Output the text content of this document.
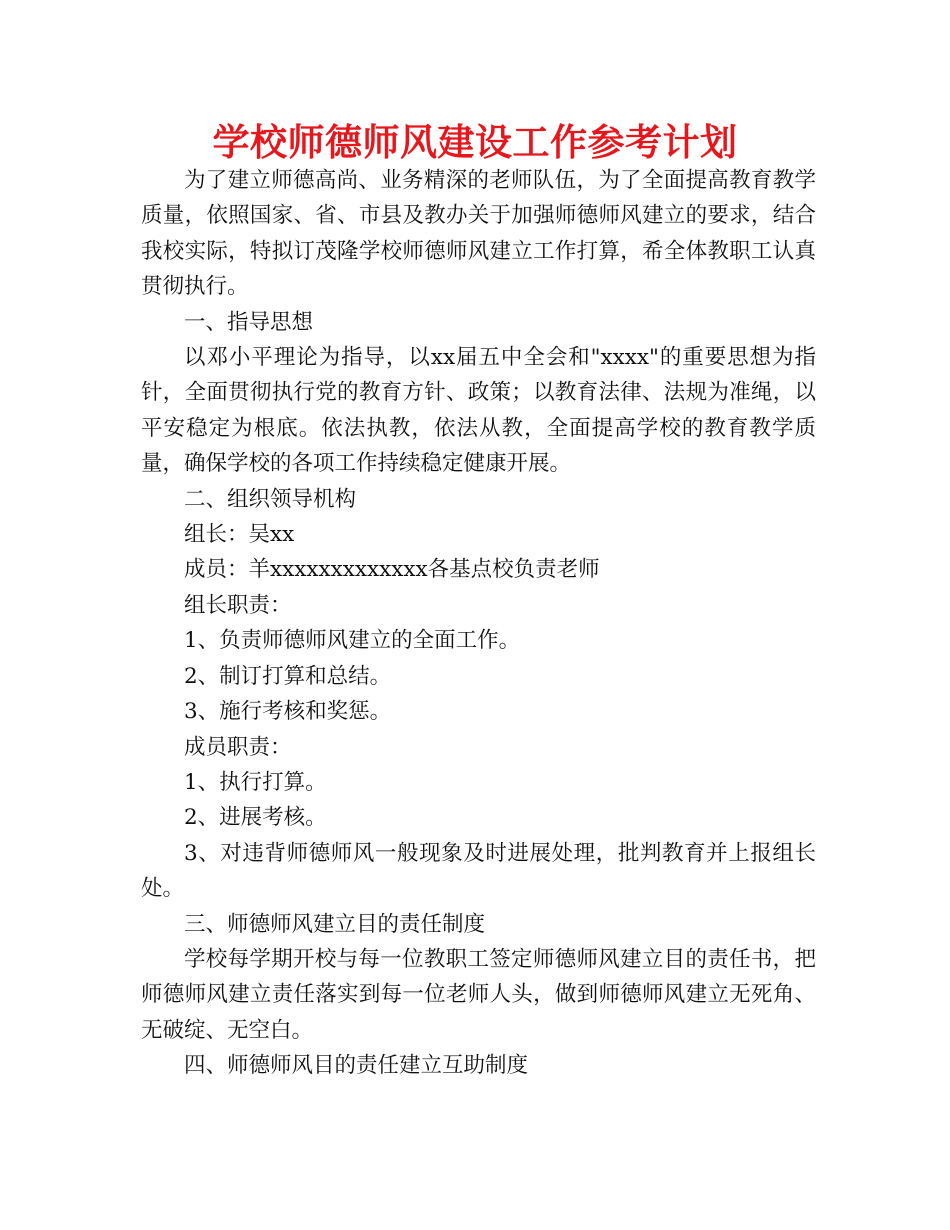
学校师德师风建设工作参考计划

为了建立师德高尚、业务精深的老师队伍，为了全面提高教育教学质量，依照国家、省、市县及教办关于加强师德师风建立的要求，结合我校实际，特拟订茂隆学校师德师风建立工作打算，希全体教职工认真贯彻执行。

一、指导思想

以邓小平理论为指导，以xx届五中全会和"xxxx"的重要思想为指针，全面贯彻执行党的教育方针、政策；以教育法律、法规为准绳，以平安稳定为根底。依法执教，依法从教，全面提高学校的教育教学质量，确保学校的各项工作持续稳定健康开展。

二、组织领导机构

组长：吴xx

成员：羊xxxxxxxxxxxxx各基点校负责老师

组长职责：

1、负责师德师风建立的全面工作。

2、制订打算和总结。

3、施行考核和奖惩。

成员职责：

1、执行打算。

2、进展考核。

3、对违背师德师风一般现象及时进展处理，批判教育并上报组长处。

三、师德师风建立目的责任制度

学校每学期开校与每一位教职工签定师德师风建立目的责任书，把师德师风建立责任落实到每一位老师人头，做到师德师风建立无死角、无破绽、无空白。

四、师德师风目的责任建立互助制度
